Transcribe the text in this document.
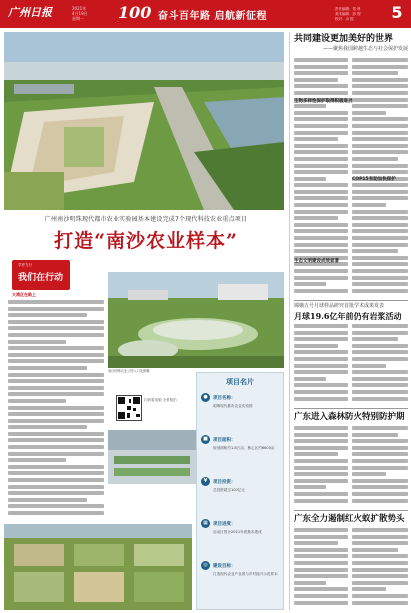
广州日报	2021年
4月19日
星期一 100 奋斗百年路 启航新征程
责任编辑：郑 科
美术编辑：彭 程
校对：余 振	5
广州南沙明珠现代都市农业实验园基本建设完成7个现代科技农业重点项目
打造“南沙农业样本”
学史力行
我们在行动
大湾区在路上
南沙明珠农业公园入口处俯瞰
扫码看视频 全景航拍
项目名片
●	项目名称：
明珠现代都市农业实验园
■	项目面积：
规划面积约1.8万亩，核心区约6600亩
¥	项目投资：
总投资超过100亿元
▦	项目进度：
启动区预计2021年底基本建成
◎	建设目标：
打造现代农业产业园与乡村振兴示范样本
共同建设更加美好的世界
——聚焦我国跨越生态与社会保护发展
生物多样性保护取得积极进展
COP15有助加快保护
生态文明建设成效显著
嫦娥五号月球样品研究首批学术成果发表
月球19.6亿年前仍有岩浆活动
广东进入森林防火特别防护期
广东全力遏制红火蚁扩散势头
